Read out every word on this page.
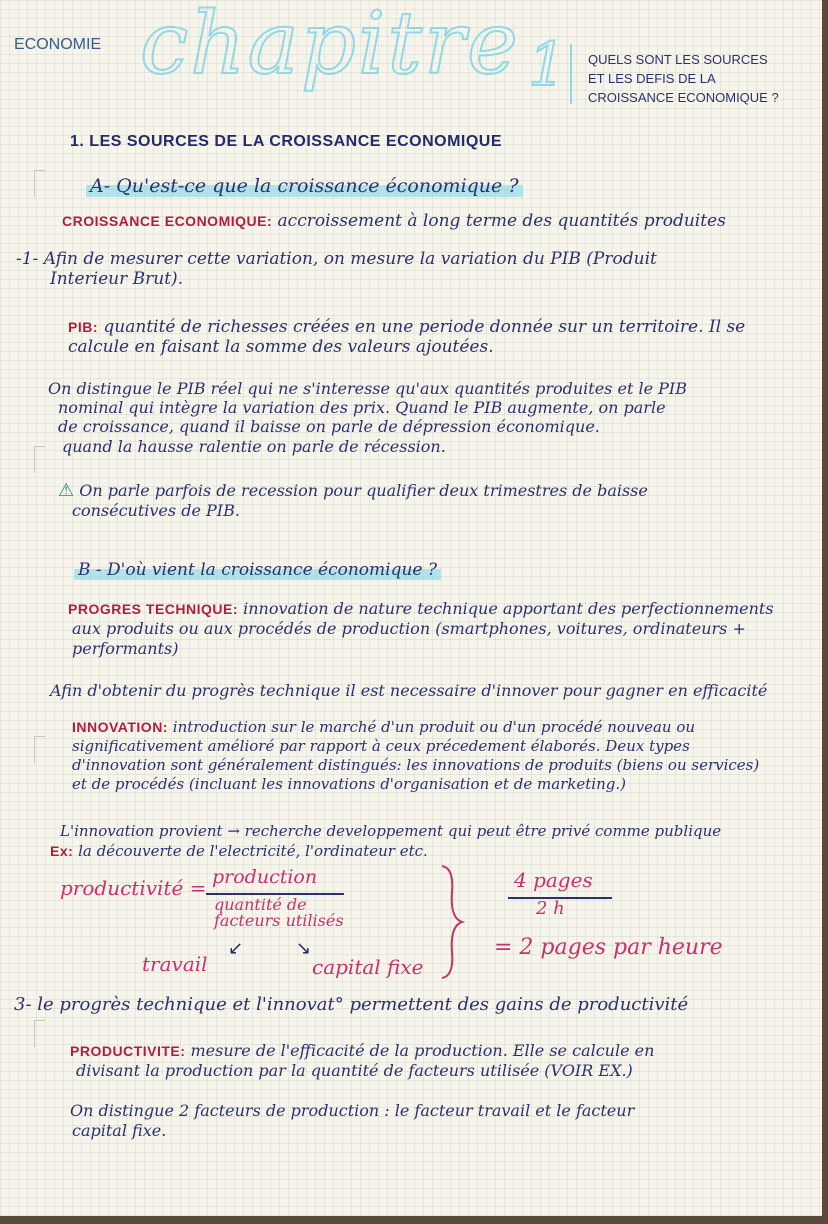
ECONOMIE chapitre 1 QUELS SONT LES SOURCES
ET LES DEFIS DE LA
CROISSANCE ECONOMIQUE ?
1. LES SOURCES DE LA CROISSANCE ECONOMIQUE
A- Qu'est-ce que la croissance économique ?
CROISSANCE ECONOMIQUE: accroissement à long terme des quantités produites
-1- Afin de mesurer cette variation, on mesure la variation du PIB (Produit
Interieur Brut).
PIB: quantité de richesses créées en une periode donnée sur un territoire. Il se
calcule en faisant la somme des valeurs ajoutées.
On distingue le PIB réel qui ne s'interesse qu'aux quantités produites et le PIB
nominal qui intègre la variation des prix. Quand le PIB augmente, on parle
de croissance, quand il baisse on parle de dépression économique.
quand la hausse ralentie on parle de récession.
⚠ On parle parfois de recession pour qualifier deux trimestres de baisse
consécutives de PIB.
B - D'où vient la croissance économique ?
PROGRES TECHNIQUE: innovation de nature technique apportant des perfectionnements
aux produits ou aux procédés de production (smartphones, voitures, ordinateurs +
performants)
Afin d'obtenir du progrès technique il est necessaire d'innover pour gagner en efficacité
INNOVATION: introduction sur le marché d'un produit ou d'un procédé nouveau ou
significativement amélioré par rapport à ceux précedement élaborés. Deux types
d'innovation sont généralement distingués: les innovations de produits (biens ou services)
et de procédés (incluant les innovations d'organisation et de marketing.)
L'innovation provient → recherche developpement qui peut être privé comme publique
Ex: la découverte de l'electricité, l'ordinateur etc.
productivité = production
quantité de
facteurs utilisés
↙	↘
travail	capital fixe
4 pages
2 h
= 2 pages par heure
3- le progrès technique et l'innovat° permettent des gains de productivité
PRODUCTIVITE: mesure de l'efficacité de la production. Elle se calcule en
divisant la production par la quantité de facteurs utilisée (VOIR EX.)
On distingue 2 facteurs de production : le facteur travail et le facteur
capital fixe.
